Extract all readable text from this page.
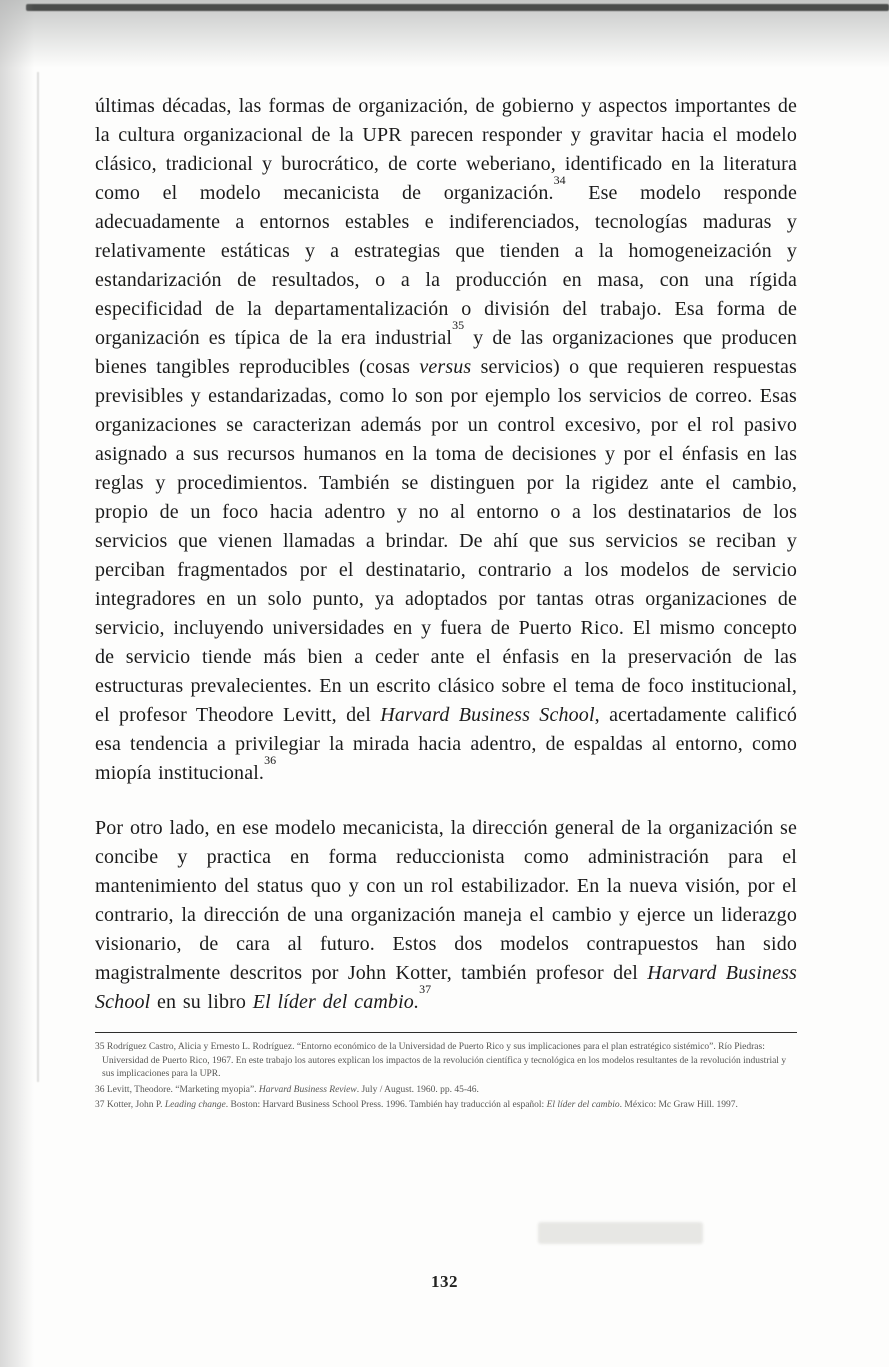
últimas décadas, las formas de organización, de gobierno y aspectos importantes de la cultura organizacional de la UPR parecen responder y gravitar hacia el modelo clásico, tradicional y burocrático, de corte weberiano, identificado en la literatura como el modelo mecanicista de organización.$^{34}$ Ese modelo responde adecuadamente a entornos estables e indiferenciados, tecnologías maduras y relativamente estáticas y a estrategias que tienden a la homogeneización y estandarización de resultados, o a la producción en masa, con una rígida especificidad de la departamentalización o división del trabajo. Esa forma de organización es típica de la era industrial$^{35}$ y de las organizaciones que producen bienes tangibles reproducibles (cosas versus servicios) o que requieren respuestas previsibles y estandarizadas, como lo son por ejemplo los servicios de correo. Esas organizaciones se caracterizan además por un control excesivo, por el rol pasivo asignado a sus recursos humanos en la toma de decisiones y por el énfasis en las reglas y procedimientos. También se distinguen por la rigidez ante el cambio, propio de un foco hacia adentro y no al entorno o a los destinatarios de los servicios que vienen llamadas a brindar. De ahí que sus servicios se reciban y perciban fragmentados por el destinatario, contrario a los modelos de servicio integradores en un solo punto, ya adoptados por tantas otras organizaciones de servicio, incluyendo universidades en y fuera de Puerto Rico. El mismo concepto de servicio tiende más bien a ceder ante el énfasis en la preservación de las estructuras prevalecientes. En un escrito clásico sobre el tema de foco institucional, el profesor Theodore Levitt, del Harvard Business School, acertadamente calificó esa tendencia a privilegiar la mirada hacia adentro, de espaldas al entorno, como miopía institucional.$^{36}$

Por otro lado, en ese modelo mecanicista, la dirección general de la organización se concibe y practica en forma reduccionista como administración para el mantenimiento del status quo y con un rol estabilizador. En la nueva visión, por el contrario, la dirección de una organización maneja el cambio y ejerce un liderazgo visionario, de cara al futuro. Estos dos modelos contrapuestos han sido magistralmente descritos por John Kotter, también profesor del Harvard Business School en su libro El líder del cambio.$^{37}$

35 Rodríguez Castro, Alicia y Ernesto L. Rodríguez. “Entorno económico de la Universidad de Puerto Rico y sus implicaciones para el plan estratégico sistémico”. Río Piedras: Universidad de Puerto Rico, 1967. En este trabajo los autores explican los impactos de la revolución científica y tecnológica en los modelos resultantes de la revolución industrial y sus implicaciones para la UPR.

36 Levitt, Theodore. “Marketing myopia”. Harvard Business Review. July / August. 1960. pp. 45-46.

37 Kotter, John P. Leading change. Boston: Harvard Business School Press. 1996. También hay traducción al español: El líder del cambio. México: Mc Graw Hill. 1997.

132
